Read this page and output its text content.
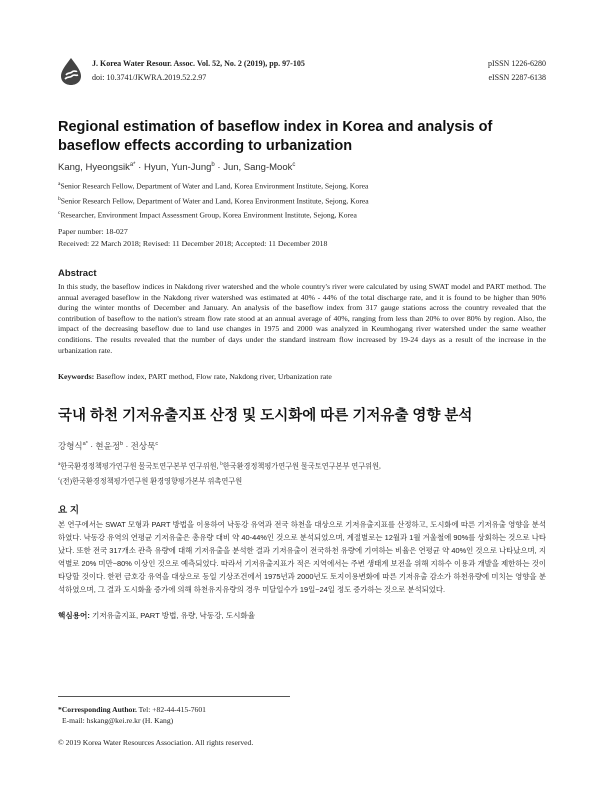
J. Korea Water Resour. Assoc. Vol. 52, No. 2 (2019), pp. 97-105
doi: 10.3741/JKWRA.2019.52.2.97
pISSN 1226-6280
eISSN 2287-6138
Regional estimation of baseflow index in Korea and analysis of baseflow effects according to urbanization
Kang, Hyeongsik$^{a*}$ · Hyun, Yun-Jung$^b$ · Jun, Sang-Mook$^c$
$^a$Senior Research Fellow, Department of Water and Land, Korea Environment Institute, Sejong, Korea
$^b$Senior Research Fellow, Department of Water and Land, Korea Environment Institute, Sejong, Korea
$^c$Researcher, Environment Impact Assessment Group, Korea Environment Institute, Sejong, Korea
Paper number: 18-027
Received: 22 March 2018; Revised: 11 December 2018; Accepted: 11 December 2018
Abstract
In this study, the baseflow indices in Nakdong river watershed and the whole country's river were calculated by using SWAT model and PART method. The annual averaged baseflow in the Nakdong river watershed was estimated at 40% - 44% of the total discharge rate, and it is found to be higher than 90% during the winter months of December and January. An analysis of the baseflow index from 317 gauge stations across the country revealed that the contribution of baseflow to the nation's stream flow rate stood at an annual average of 40%, ranging from less than 20% to over 80% by region. Also, the impact of the decreasing baseflow due to land use changes in 1975 and 2000 was analyzed in Keumhogang river watershed under the same weather conditions. The results revealed that the number of days under the standard instream flow increased by 19-24 days as a result of the increase in the urbanization rate.
Keywords: Baseflow index, PART method, Flow rate, Nakdong river, Urbanization rate
국내 하천 기저유출지표 산정 및 도시화에 따른 기저유출 영향 분석
강형식$^{a*}$ · 현윤정$^b$ · 전상묵$^c$
$^a$한국환경정책평가연구원 물국토연구본부 연구위원, $^b$한국환경정책평가연구원 물국토연구본부 연구위원,
$^c$(전)한국환경정책평가연구원 환경영향평가본부 위촉연구원
요 지
본 연구에서는 SWAT 모형과 PART 방법을 이용하여 낙동강 유역과 전국 하천을 대상으로 기저유출지표를 산정하고, 도시화에 따른 기저유출 영향을 분석하였다. 낙동강 유역의 연평균 기저유출은 총유량 대비 약 40-44%인 것으로 분석되었으며, 계절별로는 12월과 1월 겨울철에 90%를 상회하는 것으로 나타났다. 또한 전국 317개소 관측 유량에 대해 기저유출을 분석한 결과 기저유출이 전국하천 유량에 기여하는 비율은 연평균 약 40%인 것으로 나타났으며, 지역별로 20% 미만~80% 이상인 것으로 예측되었다. 따라서 기저유출지표가 적은 지역에서는 주변 생태계 보전을 위해 지하수 이용과 개발을 제한하는 것이 타당할 것이다. 한편 금호강 유역을 대상으로 동일 기상조건에서 1975년과 2000년도 토지이용변화에 따른 기저유출 감소가 하천유량에 미치는 영향을 분석하였으며, 그 결과 도시화율 증가에 의해 하천유지유량의 경우 미달일수가 19일~24일 정도 증가하는 것으로 분석되었다.
핵심용어: 기저유출지표, PART 방법, 유량, 낙동강, 도시화율
*Corresponding Author. Tel: +82-44-415-7601
E-mail: hskang@kei.re.kr (H. Kang)
© 2019 Korea Water Resources Association. All rights reserved.
